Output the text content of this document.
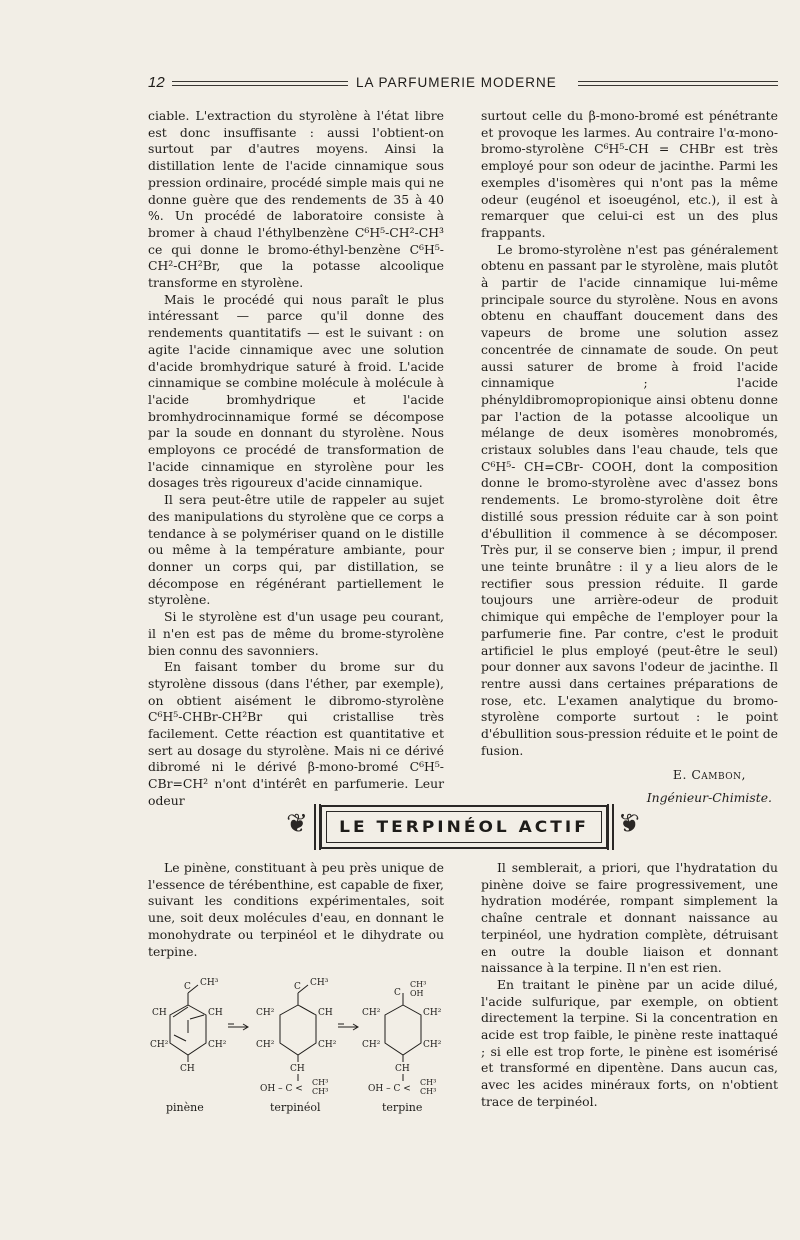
12	LA PARFUMERIE MODERNE

ciable. L'extraction du styrolène à l'état libre est donc insuffisante : aussi l'obtient-on surtout par d'autres moyens. Ainsi la distillation lente de l'acide cinnamique sous pression ordinaire, procédé simple mais qui ne donne guère que des rendements de 35 à 40 %. Un procédé de laboratoire consiste à bromer à chaud l'éthylbenzène C⁶H⁵-CH²-CH³ ce qui donne le bromo-éthyl-benzène C⁶H⁵-CH²-CH²Br, que la potasse alcoolique transforme en styrolène.

Mais le procédé qui nous paraît le plus intéressant — parce qu'il donne des rendements quantitatifs — est le suivant : on agite l'acide cinnamique avec une solution d'acide bromhydrique saturé à froid. L'acide cinnamique se combine molécule à molécule à l'acide bromhydrique et l'acide bromhydrocinnamique formé se décompose par la soude en donnant du styrolène. Nous employons ce procédé de transformation de l'acide cinnamique en styrolène pour les dosages très rigoureux d'acide cinnamique.

Il sera peut-être utile de rappeler au sujet des manipulations du styrolène que ce corps a tendance à se polymériser quand on le distille ou même à la température ambiante, pour donner un corps qui, par distillation, se décompose en régénérant partiellement le styrolène.

Si le styrolène est d'un usage peu courant, il n'en est pas de même du brome-styrolène bien connu des savonniers.

En faisant tomber du brome sur du styrolène dissous (dans l'éther, par exemple), on obtient aisément le dibromo-styrolène C⁶H⁵-CHBr-CH²Br qui cristallise très facilement. Cette réaction est quantitative et sert au dosage du styrolène. Mais ni ce dérivé dibromé ni le dérivé β-mono-bromé C⁶H⁵-CBr=CH² n'ont d'intérêt en parfumerie. Leur odeur

surtout celle du β-mono-bromé est pénétrante et provoque les larmes. Au contraire l'α-mono-bromo-styrolène C⁶H⁵-CH = CHBr est très employé pour son odeur de jacinthe. Parmi les exemples d'isomères qui n'ont pas la même odeur (eugénol et isoeugénol, etc.), il est à remarquer que celui-ci est un des plus frappants.

Le bromo-styrolène n'est pas généralement obtenu en passant par le styrolène, mais plutôt à partir de l'acide cinnamique lui-même principale source du styrolène. Nous en avons obtenu en chauffant doucement dans des vapeurs de brome une solution assez concentrée de cinnamate de soude. On peut aussi saturer de brome à froid l'acide cinnamique ; l'acide phényldibromopropionique ainsi obtenu donne par l'action de la potasse alcoolique un mélange de deux isomères monobromés, cristaux solubles dans l'eau chaude, tels que C⁶H⁵- CH=CBr- COOH, dont la composition donne le bromo-styrolène avec d'assez bons rendements. Le bromo-styrolène doit être distillé sous pression réduite car à son point d'ébullition il commence à se décomposer. Très pur, il se conserve bien ; impur, il prend une teinte brunâtre : il y a lieu alors de le rectifier sous pression réduite. Il garde toujours une arrière-odeur de produit chimique qui empêche de l'employer pour la parfumerie fine. Par contre, c'est le produit artificiel le plus employé (peut-être le seul) pour donner aux savons l'odeur de jacinthe. Il rentre aussi dans certaines préparations de rose, etc. L'examen analytique du bromo-styrolène comporte surtout : le point d'ébullition sous-pression réduite et le point de fusion.

E. Cambon,
Ingénieur-Chimiste.
❦ LE TERPINÉOL ACTIF ❦

Le pinène, constituant à peu près unique de l'essence de térébenthine, est capable de fixer, suivant les conditions expérimentales, soit une, soit deux molécules d'eau, en donnant le monohydrate ou terpinéol et le dihydrate ou terpine.

C CH³
CH	CH
CH²	CH²
CH
C CH³
CH²	CH
CH²	CH²
CH
OH – C <
CH³
CH³
C
CH³
OH
CH²	CH²
CH²	CH²
CH
OH – C <
CH³
CH³
pinène	terpinéol	terpine

Il semblerait, a priori, que l'hydratation du pinène doive se faire progressivement, une hydration modérée, rompant simplement la chaîne centrale et donnant naissance au terpinéol, une hydration complète, détruisant en outre la double liaison et donnant naissance à la terpine. Il n'en est rien.

En traitant le pinène par un acide dilué, l'acide sulfurique, par exemple, on obtient directement la terpine. Si la concentration en acide est trop faible, le pinène reste inattaqué ; si elle est trop forte, le pinène est isomérisé et transformé en dipentène. Dans aucun cas, avec les acides minéraux forts, on n'obtient trace de terpinéol.
